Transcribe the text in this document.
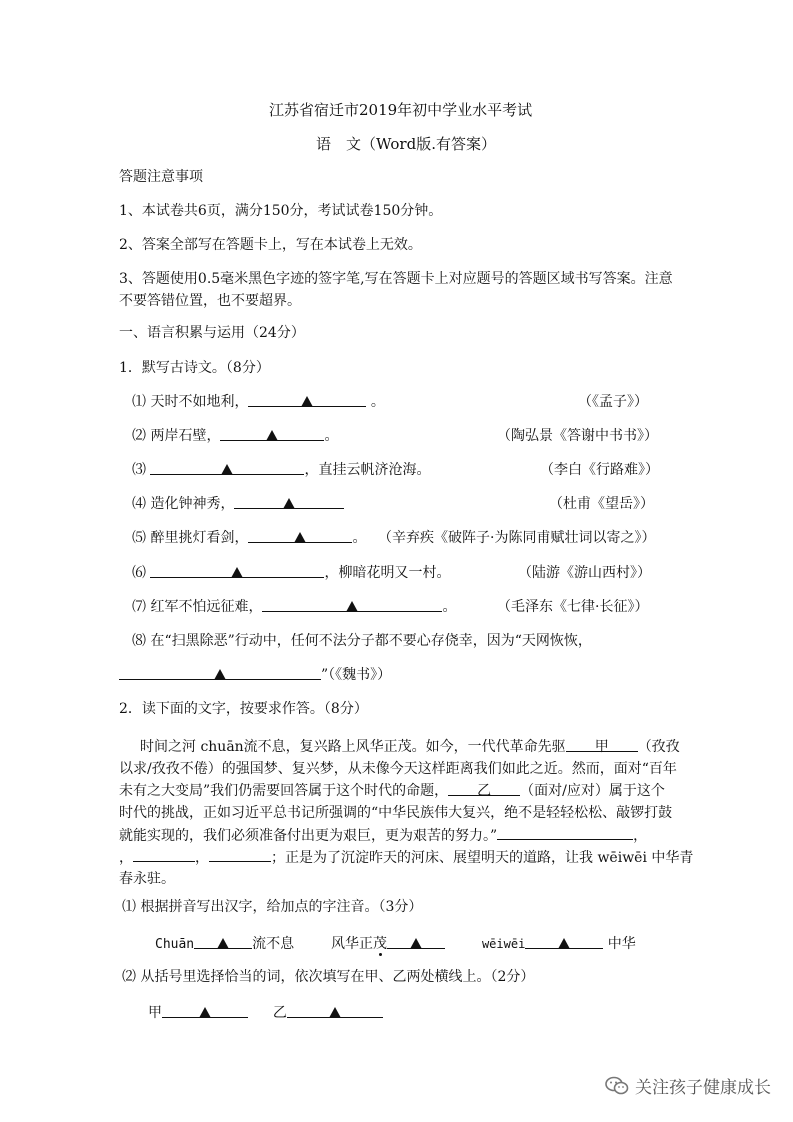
江苏省宿迁市2019年初中学业水平考试
语　文（Word版.有答案）
答题注意事项
1、本试卷共6页，满分150分，考试试卷150分钟。
2、答案全部写在答题卡上，写在本试卷上无效。
3、答题使用0.5毫米黑色字迹的签字笔,写在答题卡上对应题号的答题区域书写答案。注意
不要答错位置，也不要超界。
一、语言积累与运用（24分）
1．默写古诗文。（8分）
⑴ 天时不如地利，	。	（《孟子》）
⑵ 两岸石壁，	。	（陶弘景《答谢中书书》）
⑶	，直挂云帆济沧海。	（李白《行路难》）
⑷ 造化钟神秀，	（杜甫《望岳》）
⑸ 醉里挑灯看剑，	。 （辛弃疾《破阵子·为陈同甫赋壮词以寄之》）
⑹	，柳暗花明又一村。	（陆游《游山西村》）
⑺ 红军不怕远征难，	。	（毛泽东《七律·长征》）
⑻ 在“扫黑除恶”行动中，任何不法分子都不要心存侥幸，因为“天网恢恢，
”（《魏书》）
2．读下面的文字，按要求作答。（8分）
时间之河 chuān流不息，复兴路上风华正茂。如今，一代代革命先驱 甲 （孜孜
以求/孜孜不倦）的强国梦、复兴梦，从未像今天这样距离我们如此之近。然而，面对“百年
未有之大变局”我们仍需要回答属于这个时代的命题， 乙 （面对/应对）属于这个
时代的挑战，正如习近平总书记所强调的“中华民族伟大复兴，绝不是轻轻松松、敲锣打鼓
就能实现的，我们必须准备付出更为艰巨，更为艰苦的努力。”	，
，	，	；正是为了沉淀昨天的河床、展望明天的道路，让我 wēiwēi 中华青
春永驻。
⑴ 根据拼音写出汉字，给加点的字注音。（3分）
Chuān	流不息	风华正茂	wēiwēi	中华
⑵ 从括号里选择恰当的词，依次填写在甲、乙两处横线上。（2分）
甲	乙
关注孩子健康成长
